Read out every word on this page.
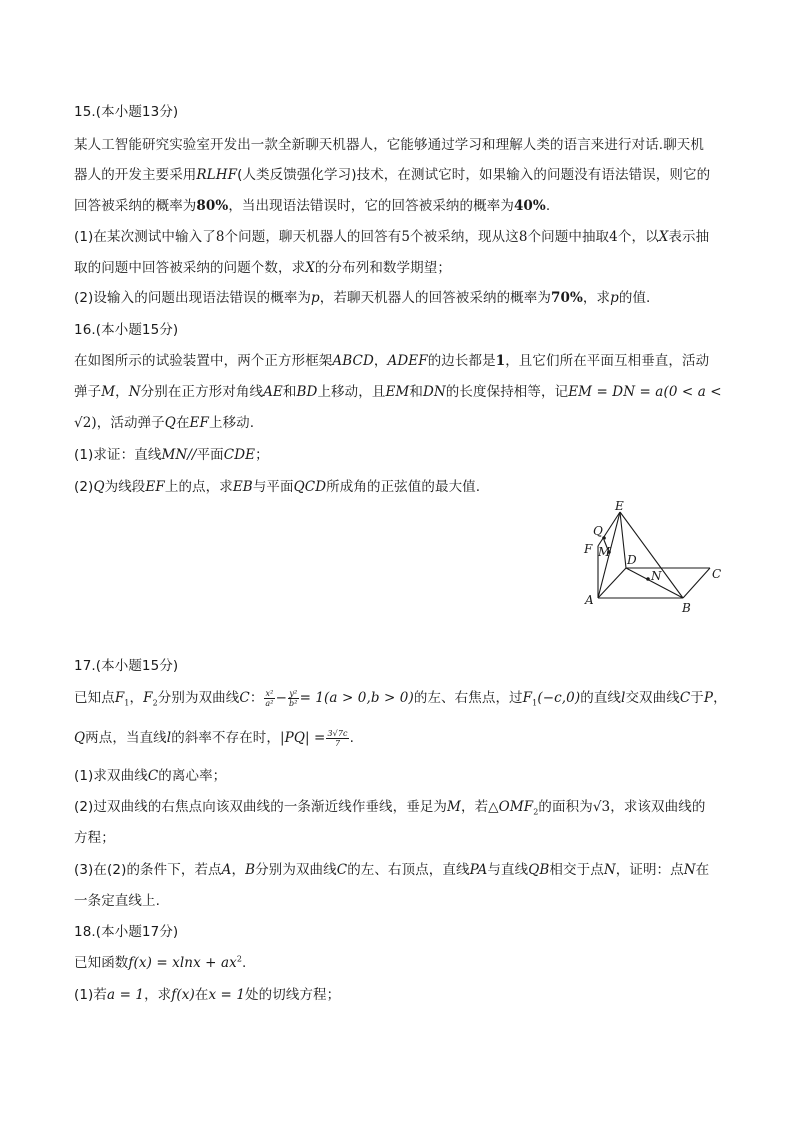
15.(本小题13分)
某人工智能研究实验室开发出一款全新聊天机器人，它能够通过学习和理解人类的语言来进行对话.聊天机
器人的开发主要采用RLHF(人类反馈强化学习)技术，在测试它时，如果输入的问题没有语法错误，则它的
回答被采纳的概率为80%，当出现语法错误时，它的回答被采纳的概率为40%.
(1)在某次测试中输入了8个问题，聊天机器人的回答有5个被采纳，现从这8个问题中抽取4个，以X表示抽
取的问题中回答被采纳的问题个数，求X的分布列和数学期望；
(2)设输入的问题出现语法错误的概率为p，若聊天机器人的回答被采纳的概率为70%，求p的值.
16.(本小题15分)
在如图所示的试验装置中，两个正方形框架ABCD，ADEF的边长都是1，且它们所在平面互相垂直，活动
弹子M，N分别在正方形对角线AE和BD上移动，且EM和DN的长度保持相等，记EM = DN = a(0 < a <
√2)，活动弹子Q在EF上移动.
(1)求证：直线MN//平面CDE；
(2)Q为线段EF上的点，求EB与平面QCD所成角的正弦值的最大值.
E
Q
F M
D
N	C
A
B
17.(本小题15分)
已知点$F_1$，$F_2$分别为双曲线C： $\frac{\text{x²}}{\text{a²}} - \frac{\text{y²}}{\text{b²}} = 1(a > 0,b > 0)$的左、右焦点，过$F_1(-c,0)$的直线l交双曲线C于P，
Q两点，当直线l的斜率不存在时，$|PQ| = \frac{3√7c}{7}$ .
(1)求双曲线C的离心率；
(2)过双曲线的右焦点向该双曲线的一条渐近线作垂线，垂足为M，若$\triangle OMF_2$的面积为√3，求该双曲线的
方程；
(3)在(2)的条件下，若点A，B分别为双曲线C的左、右顶点，直线PA与直线QB相交于点N，证明：点N在
一条定直线上.
18.(本小题17分)
已知函数$f(x) = xlnx + ax^2$.
(1)若a = 1，求f(x)在x = 1处的切线方程；
